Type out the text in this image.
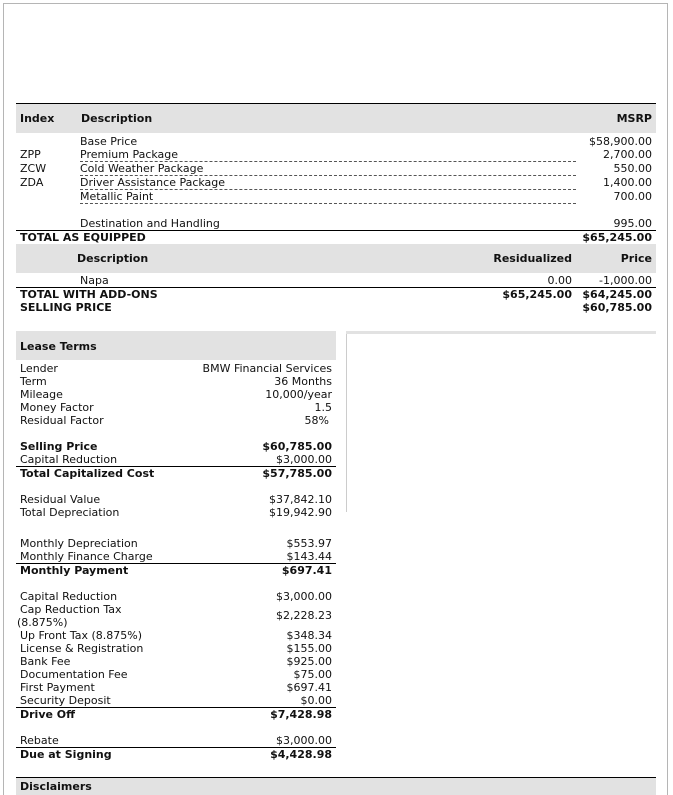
Index Description	MSRP
Base Price	$58,900.00
ZPP	Premium Package	2,700.00
ZCW	Cold Weather Package	550.00
ZDA	Driver Assistance Package	1,400.00
Metallic Paint	700.00
Destination and Handling	995.00
TOTAL AS EQUIPPED	$65,245.00
Description	Residualized	Price
Napa	0.00 -1,000.00
TOTAL WITH ADD-ONS	$65,245.00 $64,245.00
SELLING PRICE	$60,785.00
Lease Terms
Lender	BMW Financial Services
Term	36 Months
Mileage	10,000/year
Money Factor	1.5
Residual Factor	58%
Selling Price	$60,785.00
Capital Reduction	$3,000.00
Total Capitalized Cost	$57,785.00
Residual Value	$37,842.10
Total Depreciation	$19,942.90
Monthly Depreciation	$553.97
Monthly Finance Charge	$143.44
Monthly Payment	$697.41
Capital Reduction	$3,000.00
Cap Reduction Tax
(8.875%)
$2,228.23
Up Front Tax (8.875%)	$348.34
License & Registration	$155.00
Bank Fee	$925.00
Documentation Fee	$75.00
First Payment	$697.41
Security Deposit	$0.00
Drive Off	$7,428.98
Rebate	$3,000.00
Due at Signing	$4,428.98
Disclaimers
